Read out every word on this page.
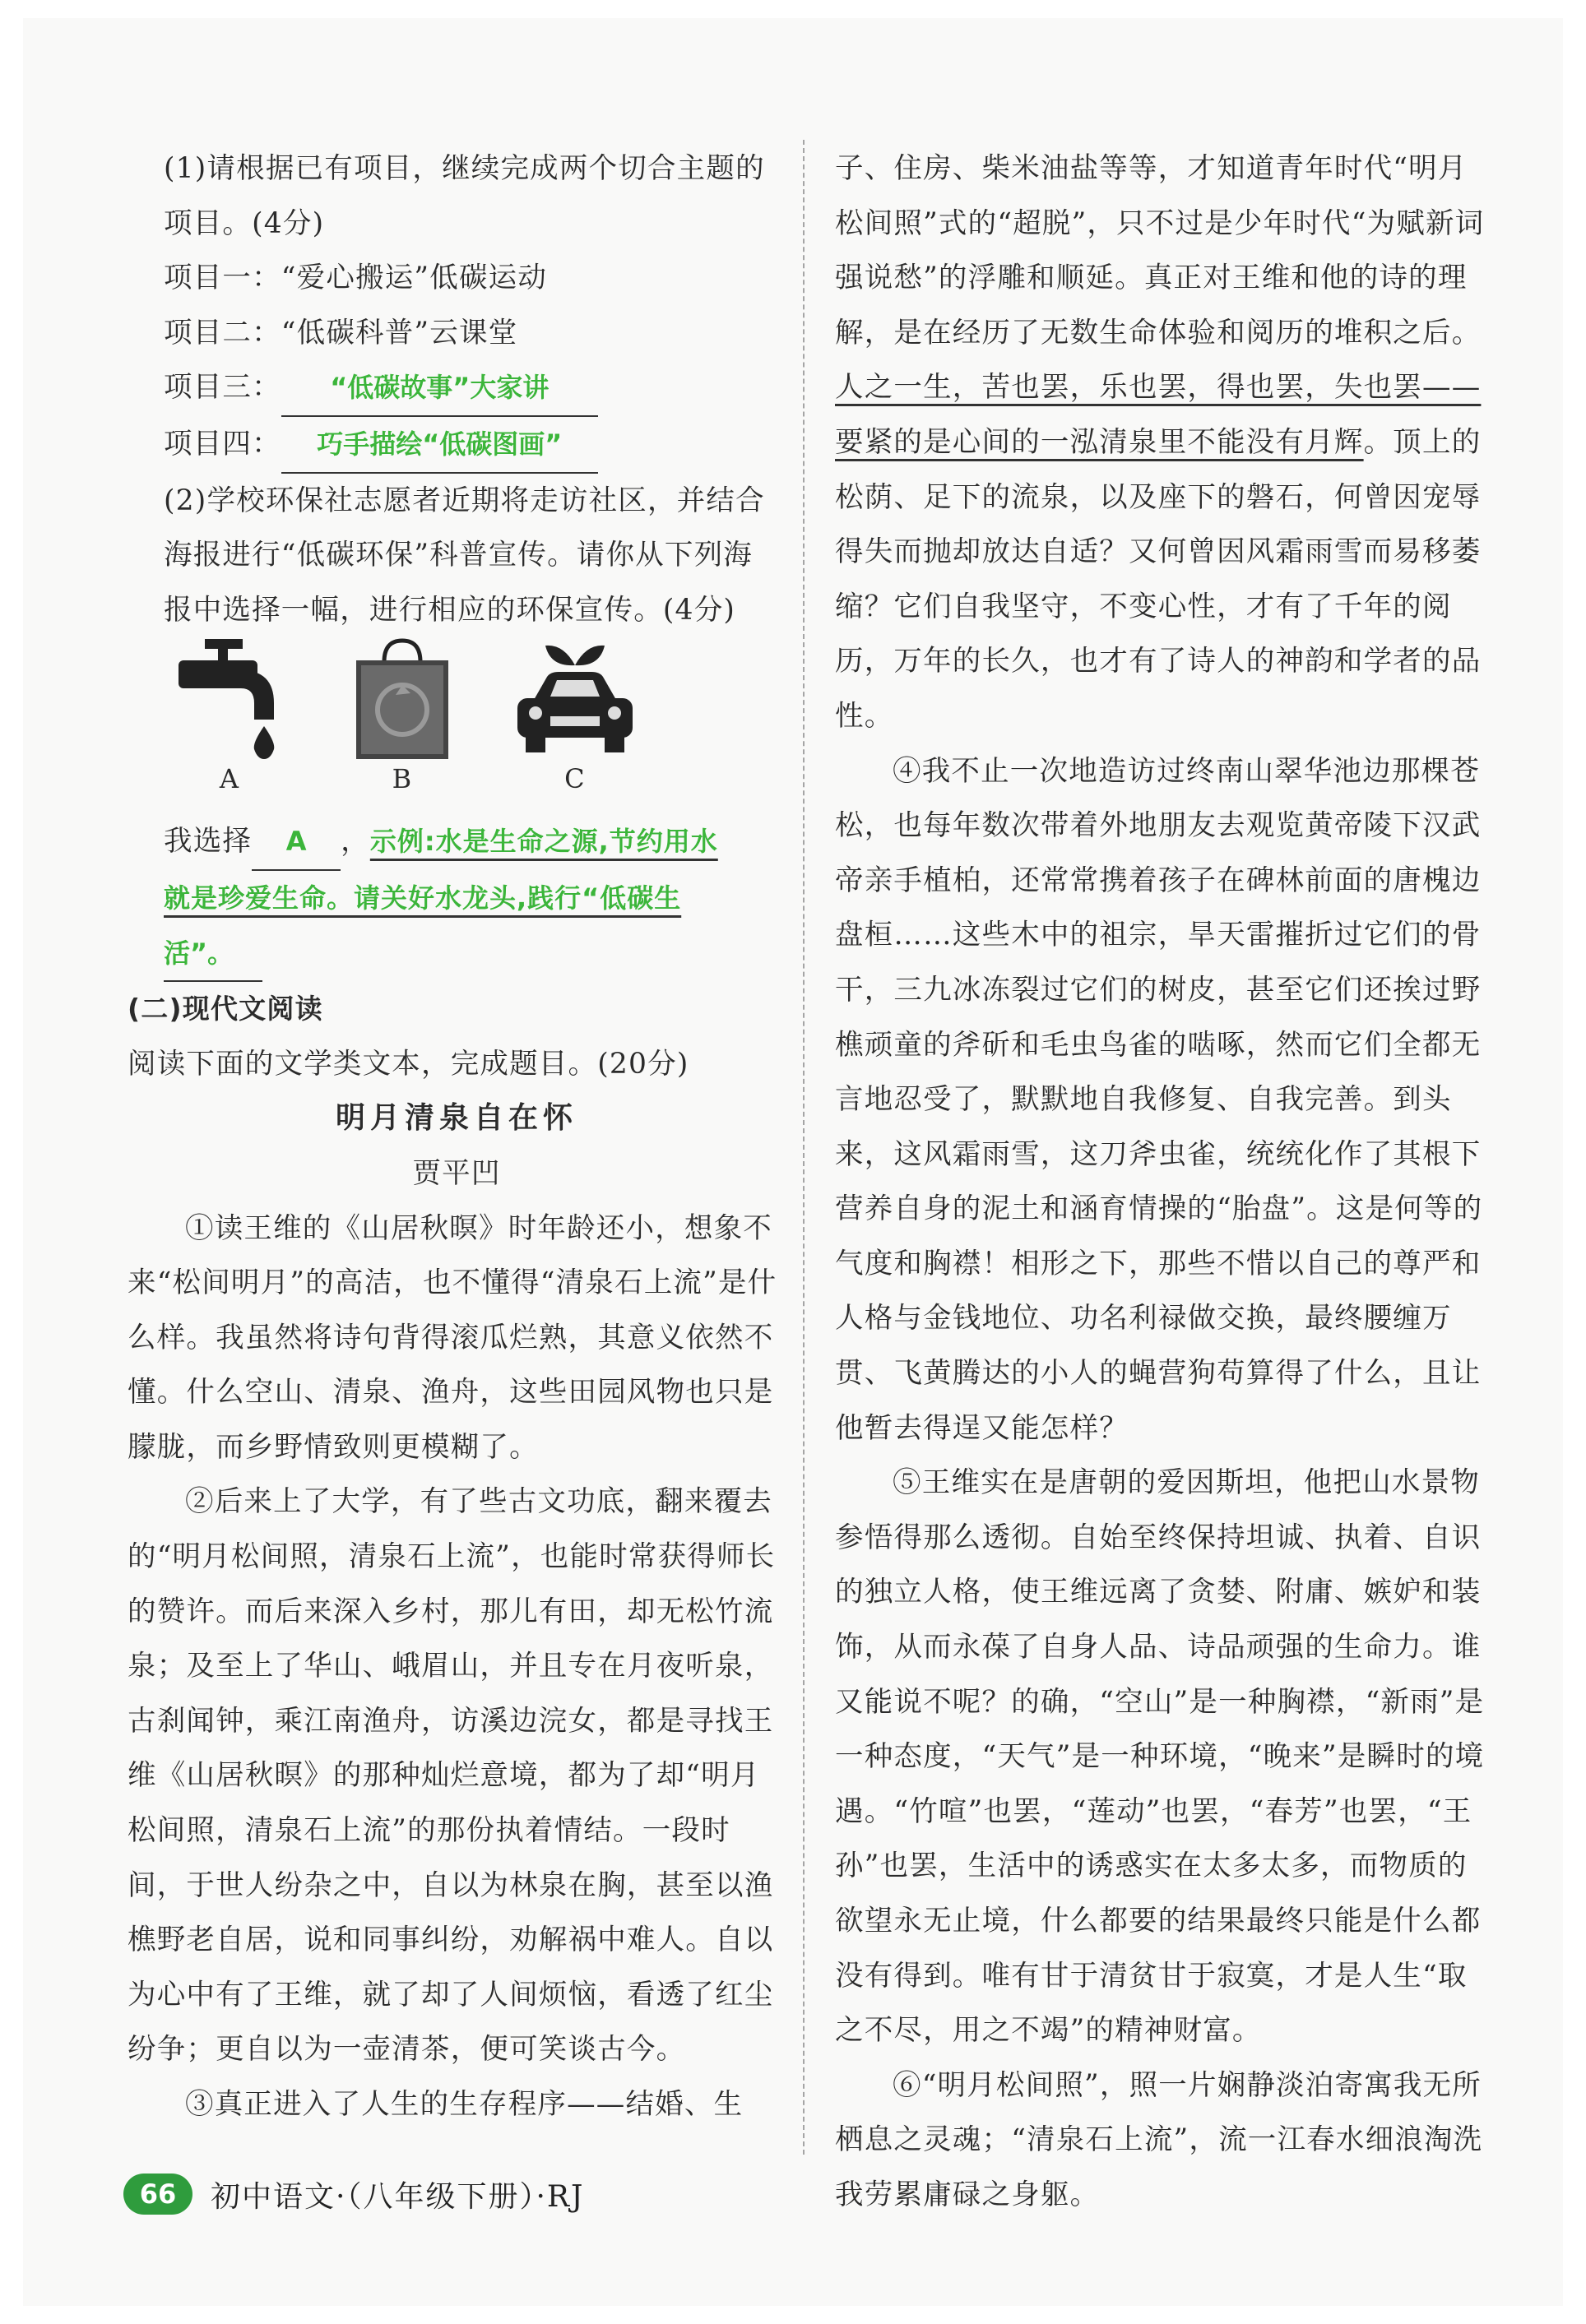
(1)请根据已有项目，继续完成两个切合主题的

项目。(4分)

项目一：“爱心搬运”低碳运动

项目二：“低碳科普”云课堂

项目三： “低碳故事”大家讲

项目四： 巧手描绘“低碳图画”

(2)学校环保社志愿者近期将走访社区，并结合

海报进行“低碳环保”科普宣传。请你从下列海

报中选择一幅，进行相应的环保宣传。(4分)

A	B	C

我选择 A ，示例:水是生命之源,节约用水

就是珍爱生命。请关好水龙头,践行“低碳生

活”。

(二)现代文阅读

阅读下面的文学类文本，完成题目。(20分)

明月清泉自在怀

贾平凹

①读王维的《山居秋暝》时年龄还小，想象不来“松间明月”的高洁，也不懂得“清泉石上流”是什么样。我虽然将诗句背得滚瓜烂熟，其意义依然不懂。什么空山、清泉、渔舟，这些田园风物也只是朦胧，而乡野情致则更模糊了。

②后来上了大学，有了些古文功底，翻来覆去的“明月松间照，清泉石上流”，也能时常获得师长的赞许。而后来深入乡村，那儿有田，却无松竹流泉；及至上了华山、峨眉山，并且专在月夜听泉，古刹闻钟，乘江南渔舟，访溪边浣女，都是寻找王维《山居秋暝》的那种灿烂意境，都为了却“明月松间照，清泉石上流”的那份执着情结。一段时间，于世人纷杂之中，自以为林泉在胸，甚至以渔樵野老自居，说和同事纠纷，劝解祸中难人。自以为心中有了王维，就了却了人间烦恼，看透了红尘纷争；更自以为一壶清茶，便可笑谈古今。

③真正进入了人生的生存程序——结婚、生

子、住房、柴米油盐等等，才知道青年时代“明月松间照”式的“超脱”，只不过是少年时代“为赋新词强说愁”的浮雕和顺延。真正对王维和他的诗的理解，是在经历了无数生命体验和阅历的堆积之后。人之一生，苦也罢，乐也罢，得也罢，失也罢——要紧的是心间的一泓清泉里不能没有月辉。顶上的松荫、足下的流泉，以及座下的磐石，何曾因宠辱得失而抛却放达自适？又何曾因风霜雨雪而易移萎缩？它们自我坚守，不变心性，才有了千年的阅历，万年的长久，也才有了诗人的神韵和学者的品性。

④我不止一次地造访过终南山翠华池边那棵苍松，也每年数次带着外地朋友去观览黄帝陵下汉武帝亲手植柏，还常常携着孩子在碑林前面的唐槐边盘桓……这些木中的祖宗，旱天雷摧折过它们的骨干，三九冰冻裂过它们的树皮，甚至它们还挨过野樵顽童的斧斫和毛虫鸟雀的啮啄，然而它们全都无言地忍受了，默默地自我修复、自我完善。到头来，这风霜雨雪，这刀斧虫雀，统统化作了其根下营养自身的泥土和涵育情操的“胎盘”。这是何等的气度和胸襟！相形之下，那些不惜以自己的尊严和人格与金钱地位、功名利禄做交换，最终腰缠万贯、飞黄腾达的小人的蝇营狗苟算得了什么，且让他暂去得逞又能怎样？

⑤王维实在是唐朝的爱因斯坦，他把山水景物参悟得那么透彻。自始至终保持坦诚、执着、自识的独立人格，使王维远离了贪婪、附庸、嫉妒和装饰，从而永葆了自身人品、诗品顽强的生命力。谁又能说不呢？的确，“空山”是一种胸襟，“新雨”是一种态度，“天气”是一种环境，“晚来”是瞬时的境遇。“竹喧”也罢，“莲动”也罢，“春芳”也罢，“王孙”也罢，生活中的诱惑实在太多太多，而物质的欲望永无止境，什么都要的结果最终只能是什么都没有得到。唯有甘于清贫甘于寂寞，才是人生“取之不尽，用之不竭”的精神财富。

⑥“明月松间照”，照一片娴静淡泊寄寓我无所栖息之灵魂；“清泉石上流”，流一江春水细浪淘洗我劳累庸碌之身躯。

66	初中语文·（八年级下册）·RJ
